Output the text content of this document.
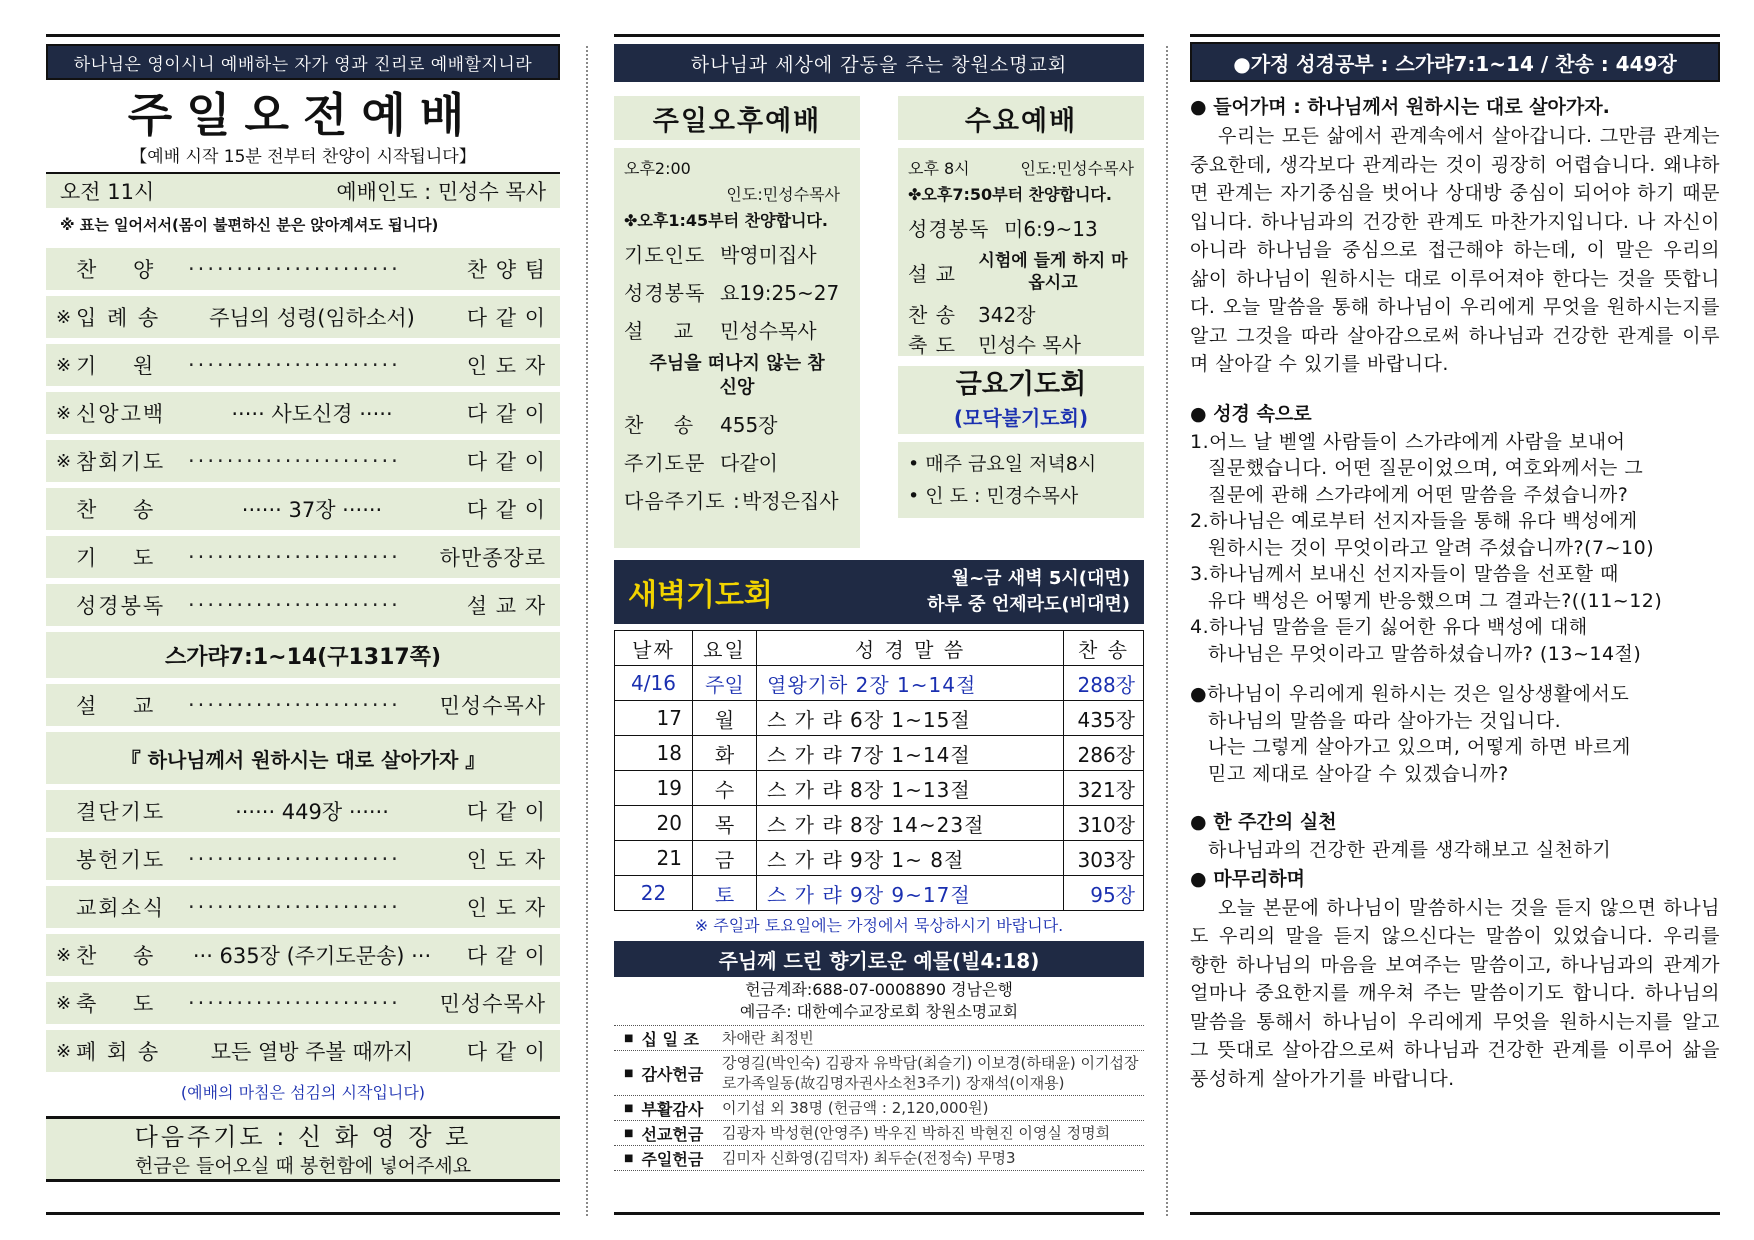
하나님은 영이시니 예배하는 자가 영과 진리로 예배할지니라
주일오전예배
【예배 시작 15분 전부터 찬양이 시작됩니다】
오전 11시	예배인도 : 민성수 목사
※ 표는 일어서서(몸이 불편하신 분은 앉아계셔도 됩니다)
찬    양	······················	찬 양 팀
※ 입 례 송	주님의 성령(임하소서)	다 같 이
※ 기    원	······················	인 도 자
※ 신앙고백	····· 사도신경 ·····	다 같 이
※ 참회기도	······················	다 같 이
찬    송	······ 37장 ······	다 같 이
기    도	······················	하만종장로
성경봉독	······················	설 교 자
스가랴7:1~14(구1317쪽)
설    교	······················	민성수목사
『 하나님께서 원하시는 대로 살아가자 』
결단기도	······ 449장 ······	다 같 이
봉헌기도	······················	인 도 자
교회소식	······················	인 도 자
※ 찬    송	··· 635장 (주기도문송) ···	다 같 이
※ 축    도	······················	민성수목사
※ 폐 회 송	모든 열방 주볼 때까지	다 같 이
(예배의 마침은 섬김의 시작입니다)
다음주기도 : 신 화 영 장 로
헌금은 들어오실 때 봉헌함에 넣어주세요
하나님과 세상에 감동을 주는 창원소명교회
주일오후예배
오후2:00
인도:민성수목사
✤오후1:45부터 찬양합니다.
기도인도 박영미집사
성경봉독 요19:25~27
설    교	민성수목사
주님을 떠나지 않는 참 신앙
찬    송	455장
주기도문 다같이
다음주기도 : 박정은집사
수요예배
오후 8시	인도:민성수목사
✤오후7:50부터 찬양합니다.
성경봉독 미6:9~13
설 교
시험에 들게 하지 마옵시고
찬 송	342장
축 도	민성수 목사
금요기도회
(모닥불기도회)
• 매주 금요일 저녁8시
• 인 도 : 민경수목사
새벽기도회	월~금 새벽 5시(대면)
하루 중 언제라도(비대면)
날짜	요일	성 경 말 씀	찬 송
4/16	주일	열왕기하 2장 1~14절	288장
17	월	스 가 랴 6장 1~15절	435장
18	화	스 가 랴 7장 1~14절	286장
19	수	스 가 랴 8장 1~13절	321장
20	목	스 가 랴 8장 14~23절	310장
21	금	스 가 랴 9장 1~ 8절	303장
22	토	스 가 랴 9장 9~17절	95장
※ 주일과 토요일에는 가정에서 묵상하시기 바랍니다.
주님께 드린 향기로운 예물(빌4:18)
헌금계좌:688-07-0008890 경남은행
예금주: 대한예수교장로회 창원소명교회
■ 십 일 조 차애란 최정빈
■ 감사헌금
강영길(박인숙) 김광자 유박담(최슬기) 이보경(하태윤) 이기섭장로가족일동(故김명자권사소천3주기) 장재석(이재용)
■ 부활감사 이기섭 외 38명 (헌금액 : 2,120,000원)
■ 선교헌금 김광자 박성현(안영주) 박우진 박하진 박현진 이영실 정명희
■ 주일헌금 김미자 신화영(김덕자) 최두순(전정숙) 무명3
●가정 성경공부 : 스가랴7:1~14 / 찬송 : 449장
● 들어가며 : 하나님께서 원하시는 대로 살아가자.
우리는 모든 삶에서 관계속에서 살아갑니다. 그만큼 관계는 중요한데, 생각보다 관계라는 것이 굉장히 어렵습니다. 왜냐하면 관계는 자기중심을 벗어나 상대방 중심이 되어야 하기 때문입니다. 하나님과의 건강한 관계도 마찬가지입니다. 나 자신이 아니라 하나님을 중심으로 접근해야 하는데, 이 말은 우리의 삶이 하나님이 원하시는 대로 이루어져야 한다는 것을 뜻합니다. 오늘 말씀을 통해 하나님이 우리에게 무엇을 원하시는지를 알고 그것을 따라 살아감으로써 하나님과 건강한 관계를 이루며 살아갈 수 있기를 바랍니다.
● 성경 속으로
1.어느 날 벧엘 사람들이 스가랴에게 사람을 보내어
질문했습니다. 어떤 질문이었으며, 여호와께서는 그
질문에 관해 스가랴에게 어떤 말씀을 주셨습니까?
2.하나님은 예로부터 선지자들을 통해 유다 백성에게
원하시는 것이 무엇이라고 알려 주셨습니까?(7~10)
3.하나님께서 보내신 선지자들이 말씀을 선포할 때
유다 백성은 어떻게 반응했으며 그 결과는?((11~12)
4.하나님 말씀을 듣기 싫어한 유다 백성에 대해
하나님은 무엇이라고 말씀하셨습니까? (13~14절)
●하나님이 우리에게 원하시는 것은 일상생활에서도
하나님의 말씀을 따라 살아가는 것입니다.
나는 그렇게 살아가고 있으며, 어떻게 하면 바르게
믿고 제대로 살아갈 수 있겠습니까?
● 한 주간의 실천
하나님과의 건강한 관계를 생각해보고 실천하기
● 마무리하며
오늘 본문에 하나님이 말씀하시는 것을 듣지 않으면 하나님도 우리의 말을 듣지 않으신다는 말씀이 있었습니다. 우리를 향한 하나님의 마음을 보여주는 말씀이고, 하나님과의 관계가 얼마나 중요한지를 깨우쳐 주는 말씀이기도 합니다. 하나님의 말씀을 통해서 하나님이 우리에게 무엇을 원하시는지를 알고 그 뜻대로 살아감으로써 하나님과 건강한 관계를 이루어 삶을 풍성하게 살아가기를 바랍니다.
